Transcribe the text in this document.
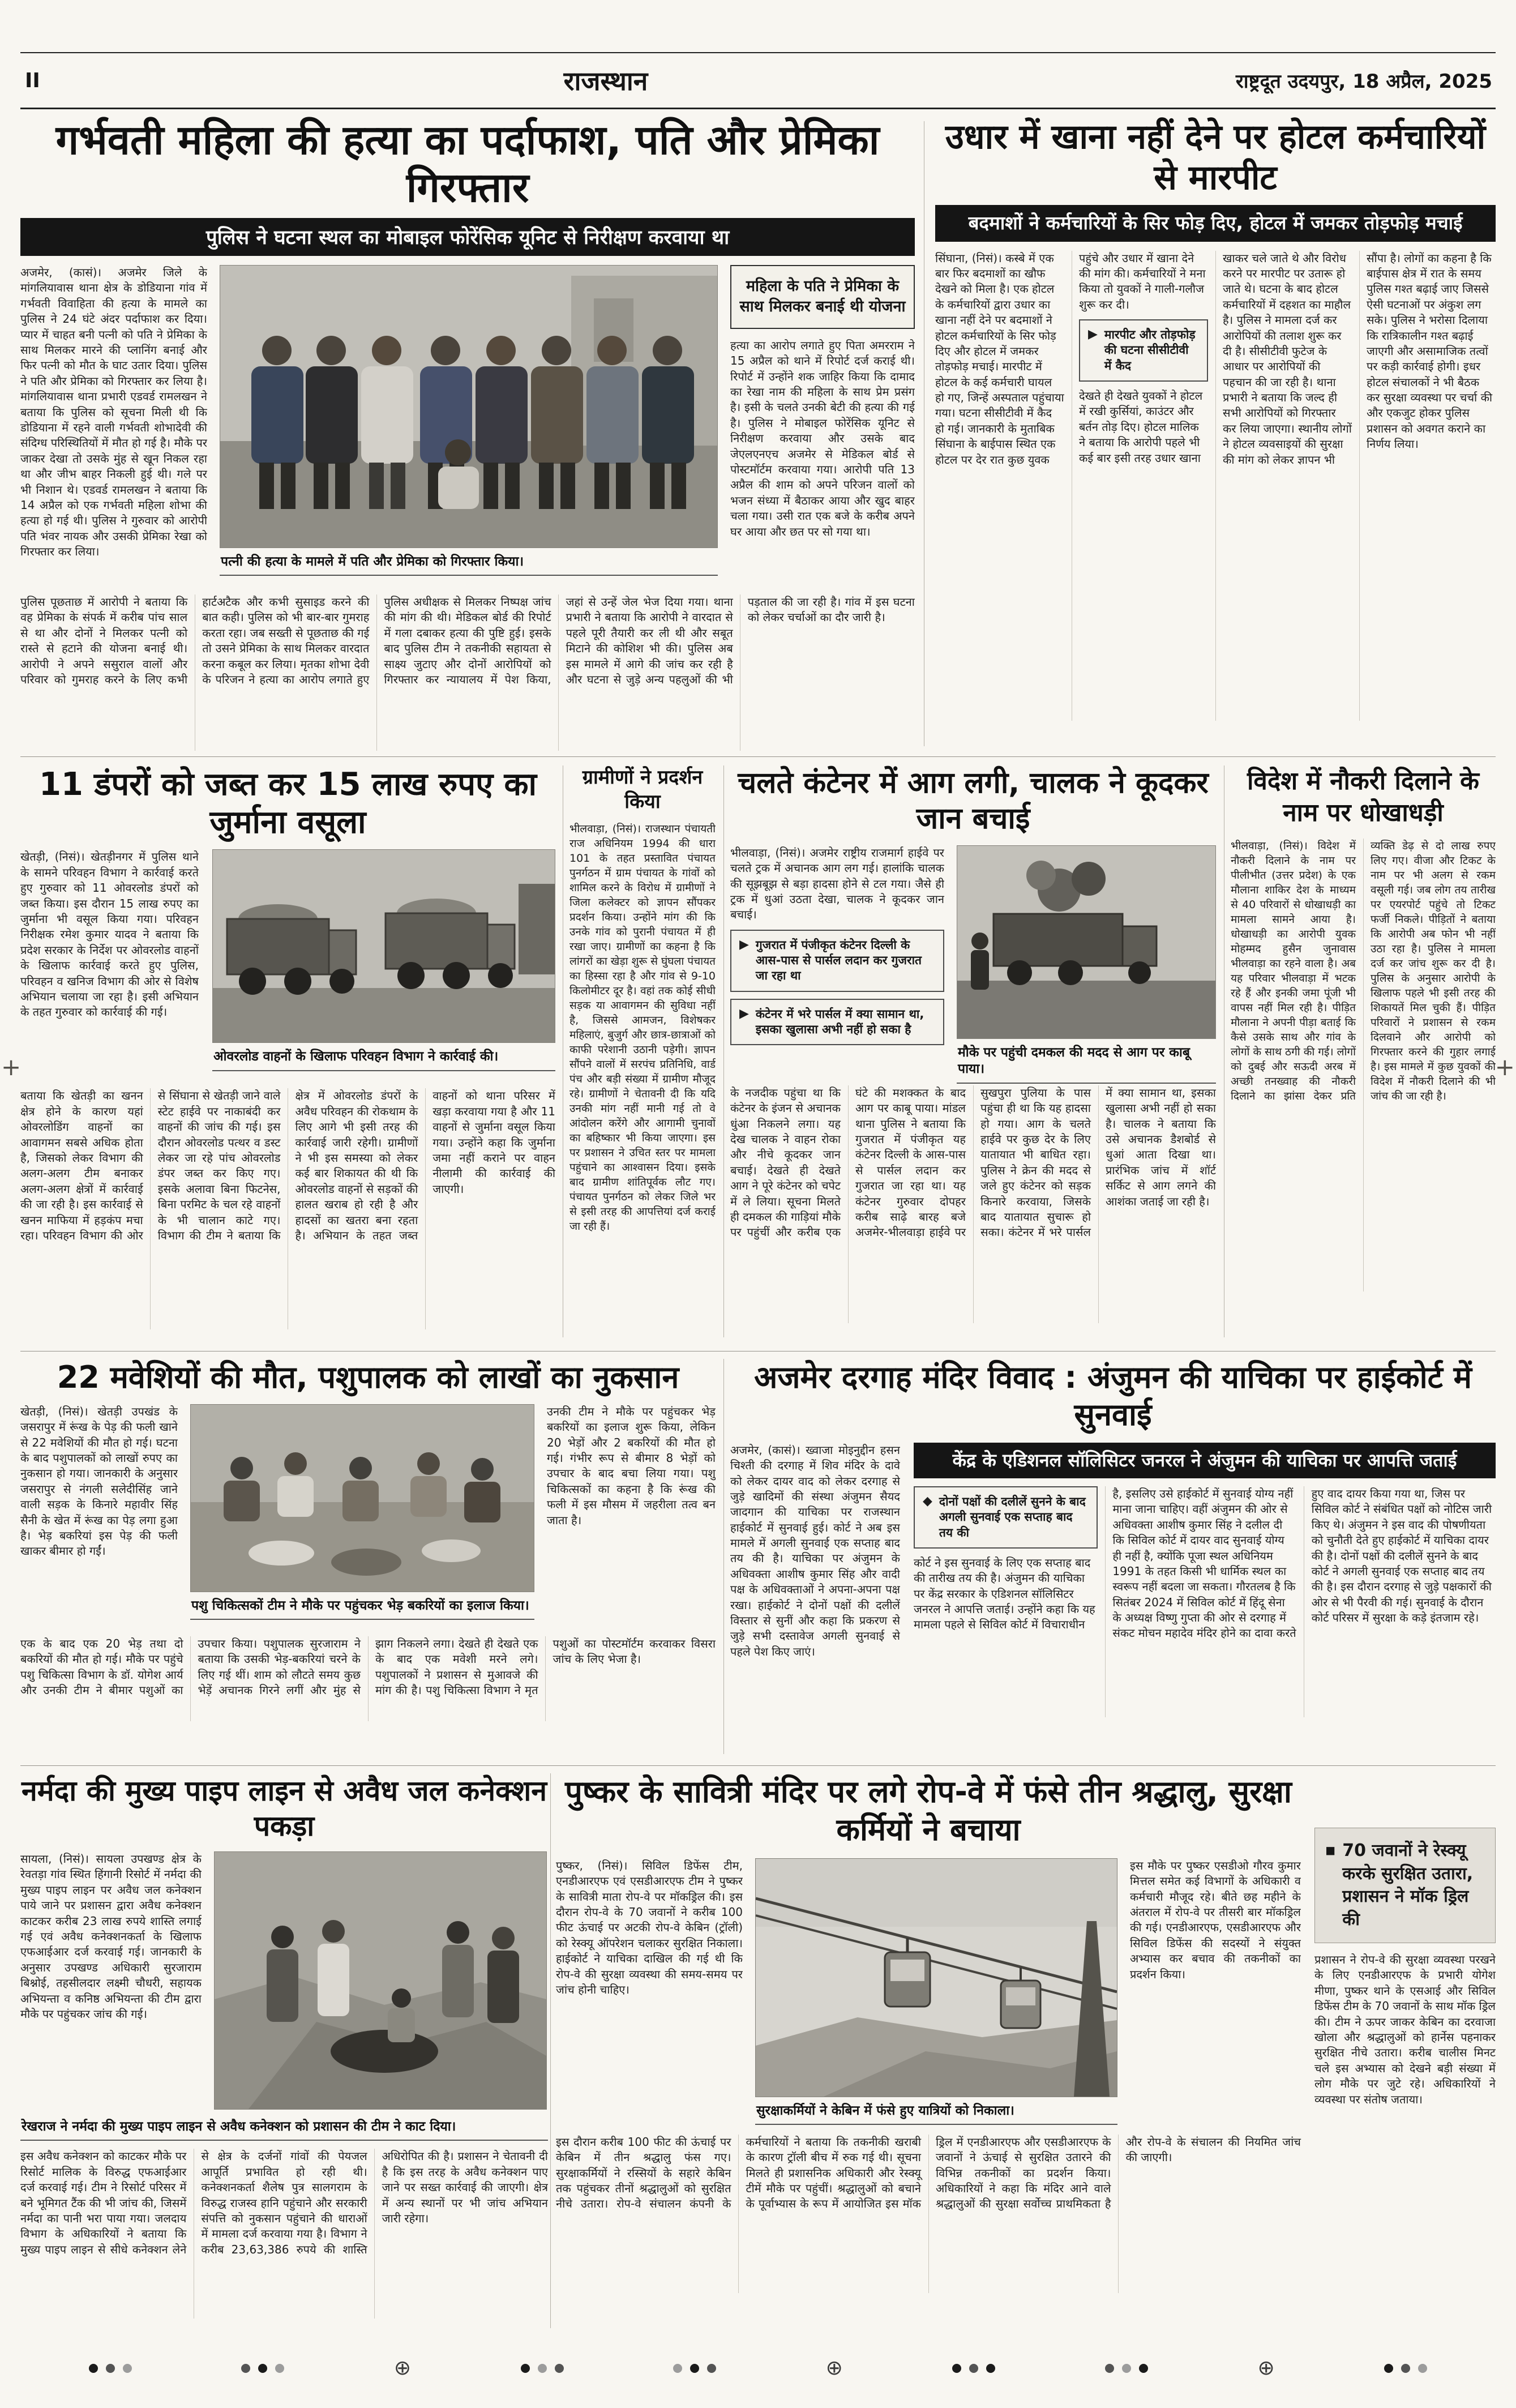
II	राजस्थान	राष्ट्रदूत उदयपुर, 18 अप्रैल, 2025
गर्भवती महिला की हत्या का पर्दाफाश, पति और प्रेमिका गिरफ्तार
पुलिस ने घटना स्थल का मोबाइल फोरेंसिक यूनिट से निरीक्षण करवाया था
अजमेर, (कासं)। अजमेर जिले के मांगलियावास थाना क्षेत्र के डोडियाना गांव में गर्भवती विवाहिता की हत्या के मामले का पुलिस ने 24 घंटे अंदर पर्दाफाश कर दिया। प्यार में चाहत बनी पत्नी को पति ने प्रेमिका के साथ मिलकर मारने की प्लानिंग बनाई और फिर पत्नी को मौत के घाट उतार दिया। पुलिस ने पति और प्रेमिका को गिरफ्तार कर लिया है। मांगलियावास थाना प्रभारी एडवर्ड रामलखन ने बताया कि पुलिस को सूचना मिली थी कि डोडियाना में रहने वाली गर्भवती शोभादेवी की संदिग्ध परिस्थितियों में मौत हो गई है। मौके पर जाकर देखा तो उसके मुंह से खून निकल रहा था और जीभ बाहर निकली हुई थी। गले पर भी निशान थे। एडवर्ड रामलखन ने बताया कि 14 अप्रैल को एक गर्भवती महिला शोभा की हत्या हो गई थी। पुलिस ने गुरुवार को आरोपी पति भंवर नायक और उसकी प्रेमिका रेखा को गिरफ्तार कर लिया।
पत्नी की हत्या के मामले में पति और प्रेमिका को गिरफ्तार किया।
महिला के पति ने प्रेमिका के साथ मिलकर बनाई थी योजना
हत्या का आरोप लगाते हुए पिता अमरराम ने 15 अप्रैल को थाने में रिपोर्ट दर्ज कराई थी। रिपोर्ट में उन्होंने शक जाहिर किया कि दामाद का रेखा नाम की महिला के साथ प्रेम प्रसंग है। इसी के चलते उनकी बेटी की हत्या की गई है। पुलिस ने मोबाइल फोरेंसिक यूनिट से निरीक्षण करवाया और उसके बाद जेएलएनएच अजमेर से मेडिकल बोर्ड से पोस्टमॉर्टम करवाया गया। आरोपी पति 13 अप्रैल की शाम को अपने परिजन वालों को भजन संध्या में बैठाकर आया और खुद बाहर चला गया। उसी रात एक बजे के करीब अपने घर आया और छत पर सो गया था।
पुलिस पूछताछ में आरोपी ने बताया कि वह प्रेमिका के संपर्क में करीब पांच साल से था और दोनों ने मिलकर पत्नी को रास्ते से हटाने की योजना बनाई थी। आरोपी ने अपने ससुराल वालों और परिवार को गुमराह करने के लिए कभी हार्टअटैक और कभी सुसाइड करने की बात कही। पुलिस को भी बार-बार गुमराह करता रहा। जब सख्ती से पूछताछ की गई तो उसने प्रेमिका के साथ मिलकर वारदात करना कबूल कर लिया। मृतका शोभा देवी के परिजन ने हत्या का आरोप लगाते हुए पुलिस अधीक्षक से मिलकर निष्पक्ष जांच की मांग की थी। मेडिकल बोर्ड की रिपोर्ट में गला दबाकर हत्या की पुष्टि हुई। इसके बाद पुलिस टीम ने तकनीकी सहायता से साक्ष्य जुटाए और दोनों आरोपियों को गिरफ्तार कर न्यायालय में पेश किया, जहां से उन्हें जेल भेज दिया गया। थाना प्रभारी ने बताया कि आरोपी ने वारदात से पहले पूरी तैयारी कर ली थी और सबूत मिटाने की कोशिश भी की। पुलिस अब इस मामले में आगे की जांच कर रही है और घटना से जुड़े अन्य पहलुओं की भी पड़ताल की जा रही है। गांव में इस घटना को लेकर चर्चाओं का दौर जारी है।
उधार में खाना नहीं देने पर होटल कर्मचारियों से मारपीट
बदमाशों ने कर्मचारियों के सिर फोड़ दिए, होटल में जमकर तोड़फोड़ मचाई
सिंघाना, (निसं)। कस्बे में एक बार फिर बदमाशों का खौफ देखने को मिला है। एक होटल के कर्मचारियों द्वारा उधार का खाना नहीं देने पर बदमाशों ने होटल कर्मचारियों के सिर फोड़ दिए और होटल में जमकर तोड़फोड़ मचाई। मारपीट में होटल के कई कर्मचारी घायल हो गए, जिन्हें अस्पताल पहुंचाया गया। घटना सीसीटीवी में कैद हो गई। जानकारी के मुताबिक सिंघाना के बाईपास स्थित एक होटल पर देर रात कुछ युवक पहुंचे और उधार में खाना देने की मांग की। कर्मचारियों ने मना किया तो युवकों ने गाली-गलौज शुरू कर दी।
▶ मारपीट और तोड़फोड़ की घटना सीसीटीवी में कैद
देखते ही देखते युवकों ने होटल में रखी कुर्सियां, काउंटर और बर्तन तोड़ दिए। होटल मालिक ने बताया कि आरोपी पहले भी कई बार इसी तरह उधार खाना खाकर चले जाते थे और विरोध करने पर मारपीट पर उतारू हो जाते थे। घटना के बाद होटल कर्मचारियों में दहशत का माहौल है। पुलिस ने मामला दर्ज कर आरोपियों की तलाश शुरू कर दी है। सीसीटीवी फुटेज के आधार पर आरोपियों की पहचान की जा रही है। थाना प्रभारी ने बताया कि जल्द ही सभी आरोपियों को गिरफ्तार कर लिया जाएगा। स्थानीय लोगों ने होटल व्यवसाइयों की सुरक्षा की मांग को लेकर ज्ञापन भी सौंपा है। लोगों का कहना है कि बाईपास क्षेत्र में रात के समय पुलिस गश्त बढ़ाई जाए जिससे ऐसी घटनाओं पर अंकुश लग सके। पुलिस ने भरोसा दिलाया कि रात्रिकालीन गश्त बढ़ाई जाएगी और असामाजिक तत्वों पर कड़ी कार्रवाई होगी। इधर होटल संचालकों ने भी बैठक कर सुरक्षा व्यवस्था पर चर्चा की और एकजुट होकर पुलिस प्रशासन को अवगत कराने का निर्णय लिया।
11 डंपरों को जब्त कर 15 लाख रुपए का जुर्माना वसूला
खेतड़ी, (निसं)। खेतड़ीनगर में पुलिस थाने के सामने परिवहन विभाग ने कार्रवाई करते हुए गुरुवार को 11 ओवरलोड डंपरों को जब्त किया। इस दौरान 15 लाख रुपए का जुर्माना भी वसूल किया गया। परिवहन निरीक्षक रमेश कुमार यादव ने बताया कि प्रदेश सरकार के निर्देश पर ओवरलोड वाहनों के खिलाफ कार्रवाई करते हुए पुलिस, परिवहन व खनिज विभाग की ओर से विशेष अभियान चलाया जा रहा है। इसी अभियान के तहत गुरुवार को कार्रवाई की गई।
ओवरलोड वाहनों के खिलाफ परिवहन विभाग ने कार्रवाई की।
बताया कि खेतड़ी का खनन क्षेत्र होने के कारण यहां ओवरलोडिंग वाहनों का आवागमन सबसे अधिक होता है, जिसको लेकर विभाग की अलग-अलग टीम बनाकर अलग-अलग क्षेत्रों में कार्रवाई की जा रही है। इस कार्रवाई से खनन माफिया में हड़कंप मचा रहा। परिवहन विभाग की ओर से सिंघाना से खेतड़ी जाने वाले स्टेट हाईवे पर नाकाबंदी कर वाहनों की जांच की गई। इस दौरान ओवरलोड पत्थर व डस्ट लेकर जा रहे पांच ओवरलोड डंपर जब्त कर किए गए। इसके अलावा बिना फिटनेस, बिना परमिट के चल रहे वाहनों के भी चालान काटे गए। विभाग की टीम ने बताया कि क्षेत्र में ओवरलोड डंपरों के अवैध परिवहन की रोकथाम के लिए आगे भी इसी तरह की कार्रवाई जारी रहेगी। ग्रामीणों ने भी इस समस्या को लेकर कई बार शिकायत की थी कि ओवरलोड वाहनों से सड़कों की हालत खराब हो रही है और हादसों का खतरा बना रहता है। अभियान के तहत जब्त वाहनों को थाना परिसर में खड़ा करवाया गया है और 11 वाहनों से जुर्माना वसूल किया गया। उन्होंने कहा कि जुर्माना जमा नहीं कराने पर वाहन नीलामी की कार्रवाई की जाएगी।
ग्रामीणों ने प्रदर्शन किया
भीलवाड़ा, (निसं)। राजस्थान पंचायती राज अधिनियम 1994 की धारा 101 के तहत प्रस्तावित पंचायत पुनर्गठन में ग्राम पंचायत के गांवों को शामिल करने के विरोध में ग्रामीणों ने जिला कलेक्टर को ज्ञापन सौंपकर प्रदर्शन किया। उन्होंने मांग की कि उनके गांव को पुरानी पंचायत में ही रखा जाए। ग्रामीणों का कहना है कि लांगरों का खेड़ा शुरू से घुंघला पंचायत का हिस्सा रहा है और गांव से 9-10 किलोमीटर दूर है। वहां तक कोई सीधी सड़क या आवागमन की सुविधा नहीं है, जिससे आमजन, विशेषकर महिलाएं, बुजुर्ग और छात्र-छात्राओं को काफी परेशानी उठानी पड़ेगी। ज्ञापन सौंपने वालों में सरपंच प्रतिनिधि, वार्ड पंच और बड़ी संख्या में ग्रामीण मौजूद रहे। ग्रामीणों ने चेतावनी दी कि यदि उनकी मांग नहीं मानी गई तो वे आंदोलन करेंगे और आगामी चुनावों का बहिष्कार भी किया जाएगा। इस पर प्रशासन ने उचित स्तर पर मामला पहुंचाने का आश्वासन दिया। इसके बाद ग्रामीण शांतिपूर्वक लौट गए। पंचायत पुनर्गठन को लेकर जिले भर से इसी तरह की आपत्तियां दर्ज कराई जा रही हैं।
चलते कंटेनर में आग लगी, चालक ने कूदकर जान बचाई
भीलवाड़ा, (निसं)। अजमेर राष्ट्रीय राजमार्ग हाईवे पर चलते ट्रक में अचानक आग लग गई। हालांकि चालक की सूझबूझ से बड़ा हादसा होने से टल गया। जैसे ही ट्रक में धुआं उठता देखा, चालक ने कूदकर जान बचाई।
▶ गुजरात में पंजीकृत कंटेनर दिल्ली के आस-पास से पार्सल लदान कर गुजरात जा रहा था
▶ कंटेनर में भरे पार्सल में क्या सामान था, इसका खुलासा अभी नहीं हो सका है
मौके पर पहुंची दमकल की मदद से आग पर काबू पाया।
के नजदीक पहुंचा था कि कंटेनर के इंजन से अचानक धुंआ निकलने लगा। यह देख चालक ने वाहन रोका और नीचे कूदकर जान बचाई। देखते ही देखते आग ने पूरे कंटेनर को चपेट में ले लिया। सूचना मिलते ही दमकल की गाड़ियां मौके पर पहुंचीं और करीब एक घंटे की मशक्कत के बाद आग पर काबू पाया। मांडल थाना पुलिस ने बताया कि गुजरात में पंजीकृत यह कंटेनर दिल्ली के आस-पास से पार्सल लदान कर गुजरात जा रहा था। यह कंटेनर गुरुवार दोपहर करीब साढ़े बारह बजे अजमेर-भीलवाड़ा हाईवे पर सुखपुरा पुलिया के पास पहुंचा ही था कि यह हादसा हो गया। आग के चलते हाईवे पर कुछ देर के लिए यातायात भी बाधित रहा। पुलिस ने क्रेन की मदद से जले हुए कंटेनर को सड़क किनारे करवाया, जिसके बाद यातायात सुचारू हो सका। कंटेनर में भरे पार्सल में क्या सामान था, इसका खुलासा अभी नहीं हो सका है। चालक ने बताया कि उसे अचानक डैशबोर्ड से धुआं आता दिखा था। प्रारंभिक जांच में शॉर्ट सर्किट से आग लगने की आशंका जताई जा रही है।
विदेश में नौकरी दिलाने के नाम पर धोखाधड़ी
भीलवाड़ा, (निसं)। विदेश में नौकरी दिलाने के नाम पर पीलीभीत (उत्तर प्रदेश) के एक मौलाना शाकिर देश के माध्यम से 40 परिवारों से धोखाधड़ी का मामला सामने आया है। धोखाधड़ी का आरोपी युवक मोहम्मद हुसैन जुनावास भीलवाड़ा का रहने वाला है। अब यह परिवार भीलवाड़ा में भटक रहे हैं और इनकी जमा पूंजी भी वापस नहीं मिल रही है। पीड़ित मौलाना ने अपनी पीड़ा बताई कि कैसे उसके साथ और गांव के लोगों के साथ ठगी की गई। लोगों को दुबई और सऊदी अरब में अच्छी तनख्वाह की नौकरी दिलाने का झांसा देकर प्रति व्यक्ति डेढ़ से दो लाख रुपए लिए गए। वीजा और टिकट के नाम पर भी अलग से रकम वसूली गई। जब लोग तय तारीख पर एयरपोर्ट पहुंचे तो टिकट फर्जी निकले। पीड़ितों ने बताया कि आरोपी अब फोन भी नहीं उठा रहा है। पुलिस ने मामला दर्ज कर जांच शुरू कर दी है। पुलिस के अनुसार आरोपी के खिलाफ पहले भी इसी तरह की शिकायतें मिल चुकी हैं। पीड़ित परिवारों ने प्रशासन से रकम दिलवाने और आरोपी को गिरफ्तार करने की गुहार लगाई है। इस मामले में कुछ युवकों की विदेश में नौकरी दिलाने की भी जांच की जा रही है।
22 मवेशियों की मौत, पशुपालक को लाखों का नुकसान
खेतड़ी, (निसं)। खेतड़ी उपखंड के जसरापुर में रूंख के पेड़ की फली खाने से 22 मवेशियों की मौत हो गई। घटना के बाद पशुपालकों को लाखों रुपए का नुकसान हो गया। जानकारी के अनुसार जसरापुर से नंगली सलेदीसिंह जाने वाली सड़क के किनारे महावीर सिंह सैनी के खेत में रूंख का पेड़ लगा हुआ है। भेड़ बकरियां इस पेड़ की फली खाकर बीमार हो गईं।
पशु चिकित्सकों टीम ने मौके पर पहुंचकर भेड़ बकरियों का इलाज किया।
उनकी टीम ने मौके पर पहुंचकर भेड़ बकरियों का इलाज शुरू किया, लेकिन 20 भेड़ों और 2 बकरियों की मौत हो गई। गंभीर रूप से बीमार 8 भेड़ों को उपचार के बाद बचा लिया गया। पशु चिकित्सकों का कहना है कि रूंख की फली में इस मौसम में जहरीला तत्व बन जाता है।
एक के बाद एक 20 भेड़ तथा दो बकरियों की मौत हो गई। मौके पर पहुंचे पशु चिकित्सा विभाग के डॉ. योगेश आर्य और उनकी टीम ने बीमार पशुओं का उपचार किया। पशुपालक सुरजाराम ने बताया कि उसकी भेड़-बकरियां चरने के लिए गई थीं। शाम को लौटते समय कुछ भेड़ें अचानक गिरने लगीं और मुंह से झाग निकलने लगा। देखते ही देखते एक के बाद एक मवेशी मरने लगे। पशुपालकों ने प्रशासन से मुआवजे की मांग की है। पशु चिकित्सा विभाग ने मृत पशुओं का पोस्टमॉर्टम करवाकर विसरा जांच के लिए भेजा है।
अजमेर दरगाह मंदिर विवाद : अंजुमन की याचिका पर हाईकोर्ट में सुनवाई
अजमेर, (कासं)। ख्वाजा मोइनुद्दीन हसन चिश्ती की दरगाह में शिव मंदिर के दावे को लेकर दायर वाद को लेकर दरगाह से जुड़े खादिमों की संस्था अंजुमन सैयद जादगान की याचिका पर राजस्थान हाईकोर्ट में सुनवाई हुई। कोर्ट ने अब इस मामले में अगली सुनवाई एक सप्ताह बाद तय की है। याचिका पर अंजुमन के अधिवक्ता आशीष कुमार सिंह और वादी पक्ष के अधिवक्ताओं ने अपना-अपना पक्ष रखा। हाईकोर्ट ने दोनों पक्षों की दलीलें विस्तार से सुनीं और कहा कि प्रकरण से जुड़े सभी दस्तावेज अगली सुनवाई से पहले पेश किए जाएं।
केंद्र के एडिशनल सॉलिसिटर जनरल ने अंजुमन की याचिका पर आपत्ति जताई
◆ दोनों पक्षों की दलीलें सुनने के बाद अगली सुनवाई एक सप्ताह बाद तय की
कोर्ट ने इस सुनवाई के लिए एक सप्ताह बाद की तारीख तय की है। अंजुमन की याचिका पर केंद्र सरकार के एडिशनल सॉलिसिटर जनरल ने आपत्ति जताई। उन्होंने कहा कि यह मामला पहले से सिविल कोर्ट में विचाराधीन है, इसलिए उसे हाईकोर्ट में सुनवाई योग्य नहीं माना जाना चाहिए। वहीं अंजुमन की ओर से अधिवक्ता आशीष कुमार सिंह ने दलील दी कि सिविल कोर्ट में दायर वाद सुनवाई योग्य ही नहीं है, क्योंकि पूजा स्थल अधिनियम 1991 के तहत किसी भी धार्मिक स्थल का स्वरूप नहीं बदला जा सकता। गौरतलब है कि सितंबर 2024 में सिविल कोर्ट में हिंदू सेना के अध्यक्ष विष्णु गुप्ता की ओर से दरगाह में संकट मोचन महादेव मंदिर होने का दावा करते हुए वाद दायर किया गया था, जिस पर सिविल कोर्ट ने संबंधित पक्षों को नोटिस जारी किए थे। अंजुमन ने इस वाद की पोषणीयता को चुनौती देते हुए हाईकोर्ट में याचिका दायर की है। दोनों पक्षों की दलीलें सुनने के बाद कोर्ट ने अगली सुनवाई एक सप्ताह बाद तय की है। इस दौरान दरगाह से जुड़े पक्षकारों की ओर से भी पैरवी की गई। सुनवाई के दौरान कोर्ट परिसर में सुरक्षा के कड़े इंतजाम रहे।
नर्मदा की मुख्य पाइप लाइन से अवैध जल कनेक्शन पकड़ा
सायला, (निसं)। सायला उपखण्ड क्षेत्र के रेवतड़ा गांव स्थित हिंगानी रिसोर्ट में नर्मदा की मुख्य पाइप लाइन पर अवैध जल कनेक्शन पाये जाने पर प्रशासन द्वारा अवैध कनेक्शन काटकर करीब 23 लाख रुपये शास्ति लगाई गई एवं अवैध कनेक्शनकर्ता के खिलाफ एफआईआर दर्ज करवाई गई। जानकारी के अनुसार उपखण्ड अधिकारी सुरजाराम बिश्नोई, तहसीलदार लक्ष्मी चौधरी, सहायक अभियन्ता व कनिष्ठ अभियन्ता की टीम द्वारा मौके पर पहुंचकर जांच की गई।
रेखराज ने नर्मदा की मुख्य पाइप लाइन से अवैध कनेक्शन को प्रशासन की टीम ने काट दिया।
इस अवैध कनेक्शन को काटकर मौके पर रिसोर्ट मालिक के विरुद्ध एफआईआर दर्ज करवाई गई। टीम ने रिसोर्ट परिसर में बने भूमिगत टैंक की भी जांच की, जिसमें नर्मदा का पानी भरा पाया गया। जलदाय विभाग के अधिकारियों ने बताया कि मुख्य पाइप लाइन से सीधे कनेक्शन लेने से क्षेत्र के दर्जनों गांवों की पेयजल आपूर्ति प्रभावित हो रही थी। कनेक्शनकर्ता शैलेष पुत्र सालगराम के विरुद्ध राजस्व हानि पहुंचाने और सरकारी संपत्ति को नुकसान पहुंचाने की धाराओं में मामला दर्ज करवाया गया है। विभाग ने करीब 23,63,386 रुपये की शास्ति अधिरोपित की है। प्रशासन ने चेतावनी दी है कि इस तरह के अवैध कनेक्शन पाए जाने पर सख्त कार्रवाई की जाएगी। क्षेत्र में अन्य स्थानों पर भी जांच अभियान जारी रहेगा।
पुष्कर के सावित्री मंदिर पर लगे रोप-वे में फंसे तीन श्रद्धालु, सुरक्षा कर्मियों ने बचाया
पुष्कर, (निसं)। सिविल डिफेंस टीम, एनडीआरएफ एवं एसडीआरएफ टीम ने पुष्कर के सावित्री माता रोप-वे पर मॉकड्रिल की। इस दौरान रोप-वे के 70 जवानों ने करीब 100 फीट ऊंचाई पर अटकी रोप-वे केबिन (ट्रॉली) को रेस्क्यू ऑपरेशन चलाकर सुरक्षित निकाला। हाईकोर्ट ने याचिका दाखिल की गई थी कि रोप-वे की सुरक्षा व्यवस्था की समय-समय पर जांच होनी चाहिए।
सुरक्षाकर्मियों ने केबिन में फंसे हुए यात्रियों को निकाला।
इस मौके पर पुष्कर एसडीओ गौरव कुमार मित्तल समेत कई विभागों के अधिकारी व कर्मचारी मौजूद रहे। बीते छह महीने के अंतराल में रोप-वे पर तीसरी बार मॉकड्रिल की गई। एनडीआरएफ, एसडीआरएफ और सिविल डिफेंस की सदस्यों ने संयुक्त अभ्यास कर बचाव की तकनीकों का प्रदर्शन किया।
इस दौरान करीब 100 फीट की ऊंचाई पर केबिन में तीन श्रद्धालु फंस गए। सुरक्षाकर्मियों ने रस्सियों के सहारे केबिन तक पहुंचकर तीनों श्रद्धालुओं को सुरक्षित नीचे उतारा। रोप-वे संचालन कंपनी के कर्मचारियों ने बताया कि तकनीकी खराबी के कारण ट्रॉली बीच में रुक गई थी। सूचना मिलते ही प्रशासनिक अधिकारी और रेस्क्यू टीमें मौके पर पहुंचीं। श्रद्धालुओं को बचाने के पूर्वाभ्यास के रूप में आयोजित इस मॉक ड्रिल में एनडीआरएफ और एसडीआरएफ के जवानों ने ऊंचाई से सुरक्षित उतारने की विभिन्न तकनीकों का प्रदर्शन किया। अधिकारियों ने कहा कि मंदिर आने वाले श्रद्धालुओं की सुरक्षा सर्वोच्च प्राथमिकता है और रोप-वे के संचालन की नियमित जांच की जाएगी।
◼ 70 जवानों ने रेस्क्यू करके सुरक्षित उतारा, प्रशासन ने मॉक ड्रिल की
प्रशासन ने रोप-वे की सुरक्षा व्यवस्था परखने के लिए एनडीआरएफ के प्रभारी योगेश मीणा, पुष्कर थाने के एसआई और सिविल डिफेंस टीम के 70 जवानों के साथ मॉक ड्रिल की। टीम ने ऊपर जाकर केबिन का दरवाजा खोला और श्रद्धालुओं को हार्नेस पहनाकर सुरक्षित नीचे उतारा। करीब चालीस मिनट चले इस अभ्यास को देखने बड़ी संख्या में लोग मौके पर जुटे रहे। अधिकारियों ने व्यवस्था पर संतोष जताया।
+	+
⊕	⊕	⊕
